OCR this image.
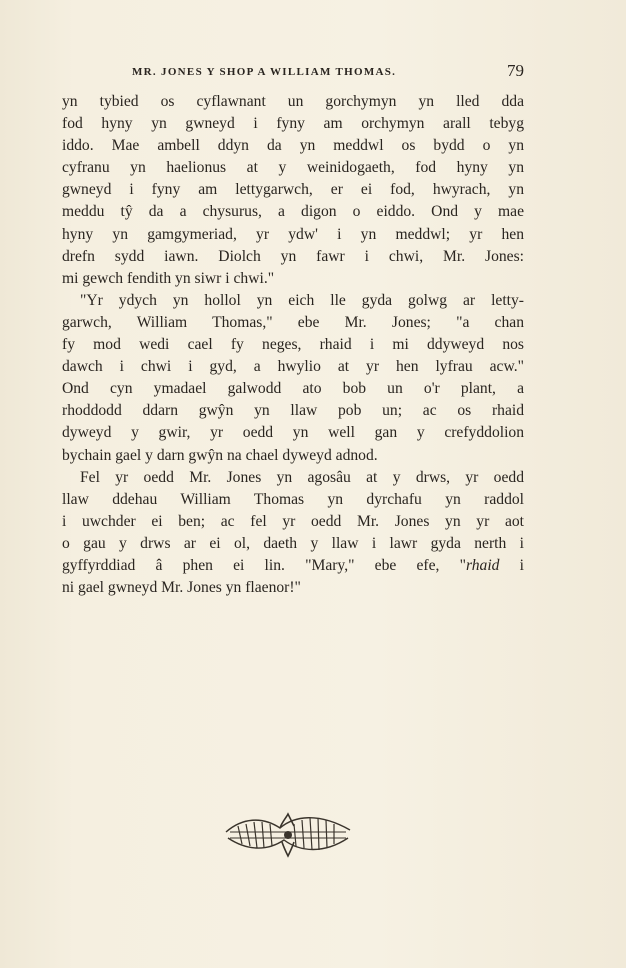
MR. JONES Y SHOP A WILLIAM THOMAS.	79
yn tybied os cyflawnant un gorchymyn yn lled dda
fod hyny yn gwneyd i fyny am orchymyn arall tebyg
iddo. Mae ambell ddyn da yn meddwl os bydd o yn
cyfranu yn haelionus at y weinidogaeth, fod hyny yn
gwneyd i fyny am lettygarwch, er ei fod, hwyrach, yn
meddu tŷ da a chysurus, a digon o eiddo. Ond y mae
hyny yn gamgymeriad, yr ydw' i yn meddwl; yr hen
drefn sydd iawn. Diolch yn fawr i chwi, Mr. Jones:
mi gewch fendith yn siwr i chwi."
"Yr ydych yn hollol yn eich lle gyda golwg ar letty-
garwch, William Thomas," ebe Mr. Jones; "a chan
fy mod wedi cael fy neges, rhaid i mi ddyweyd nos
dawch i chwi i gyd, a hwylio at yr hen lyfrau acw."
Ond cyn ymadael galwodd ato bob un o'r plant, a
rhoddodd ddarn gwŷn yn llaw pob un; ac os rhaid
dyweyd y gwir, yr oedd yn well gan y crefyddolion
bychain gael y darn gwŷn na chael dyweyd adnod.
Fel yr oedd Mr. Jones yn agosâu at y drws, yr oedd
llaw ddehau William Thomas yn dyrchafu yn raddol
i uwchder ei ben; ac fel yr oedd Mr. Jones yn yr aot
o gau y drws ar ei ol, daeth y llaw i lawr gyda nerth i
gyffyrddiad â phen ei lin. "Mary," ebe efe, "rhaid i
ni gael gwneyd Mr. Jones yn flaenor!"
